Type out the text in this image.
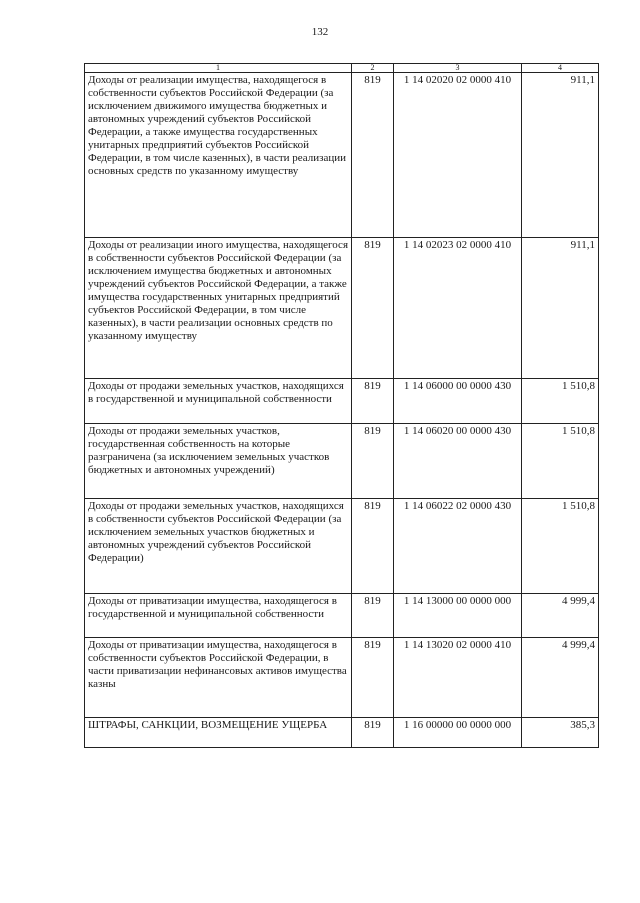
132
1	2	3	4
Доходы от реализации имущества, находящегося в собственности субъектов Российской Федерации (за исключением движимого имущества бюджетных и автономных учреждений субъектов Российской Федерации, а также имущества государственных унитарных предприятий субъектов Российской Федерации, в том числе казенных), в части реализации основных средств по указанному имуществу	819	1 14 02020 02 0000 410	911,1
Доходы от реализации иного имущества, находящегося в собственности субъектов Российской Федерации (за исключением имущества бюджетных и автономных учреждений субъектов Российской Федерации, а также имущества государственных унитарных предприятий субъектов Российской Федерации, в том числе казенных), в части реализации основных средств по указанному имуществу	819	1 14 02023 02 0000 410	911,1
Доходы от продажи земельных участков, находящихся в государственной и муниципальной собственности	819	1 14 06000 00 0000 430	1 510,8
Доходы от продажи земельных участков, государственная собственность на которые разграничена (за исключением земельных участков бюджетных и автономных учреждений)	819	1 14 06020 00 0000 430	1 510,8
Доходы от продажи земельных участков, находящихся в собственности субъектов Российской Федерации (за исключением земельных участков бюджетных и автономных учреждений субъектов Российской Федерации)	819	1 14 06022 02 0000 430	1 510,8
Доходы от приватизации имущества, находящегося в государственной и муниципальной собственности	819	1 14 13000 00 0000 000	4 999,4
Доходы от приватизации имущества, находящегося в собственности субъектов Российской Федерации, в части приватизации нефинансовых активов имущества казны	819	1 14 13020 02 0000 410	4 999,4
ШТРАФЫ, САНКЦИИ, ВОЗМЕЩЕНИЕ УЩЕРБА	819	1 16 00000 00 0000 000	385,3
